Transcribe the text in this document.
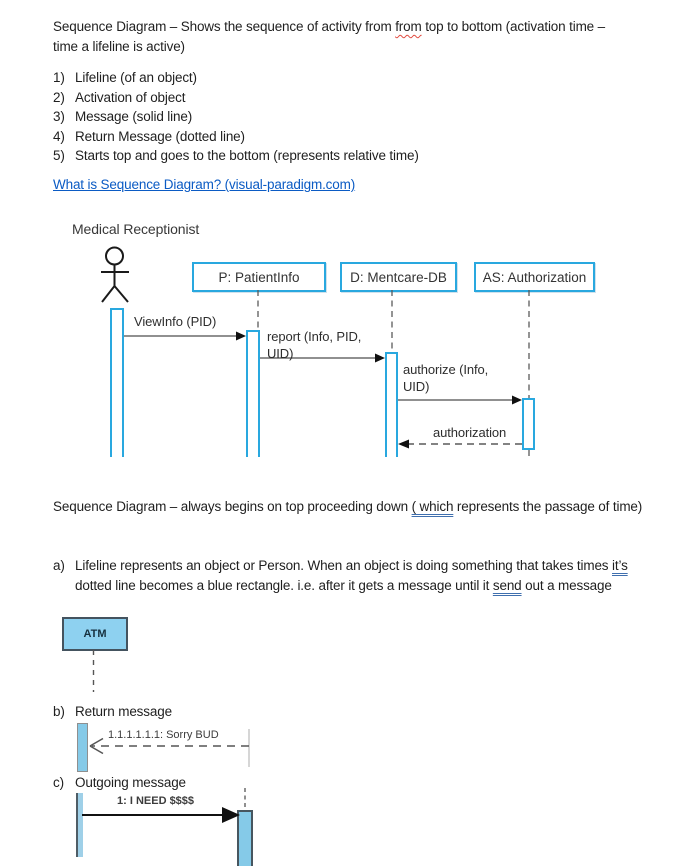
Sequence Diagram – Shows the sequence of activity from from top to bottom (activation time – time a lifeline is active)
1) Lifeline (of an object)
2) Activation of object
3) Message (solid line)
4) Return Message (dotted line)
5) Starts top and goes to the bottom (represents relative time)
What is Sequence Diagram? (visual-paradigm.com)
Medical Receptionist
P: PatientInfo	D: Mentcare-DB	AS: Authorization
ViewInfo (PID)
report (Info, PID, UID)
authorize (Info, UID)
authorization
Sequence Diagram – always begins on top proceeding down ( which represents the passage of time)
a) Lifeline represents an object or Person. When an object is doing something that takes times it’s dotted line becomes a blue rectangle. i.e. after it gets a message until it send out a message
ATM
b) Return message
1.1.1.1.1.1: Sorry BUD
c) Outgoing message
1: I NEED $$$$
